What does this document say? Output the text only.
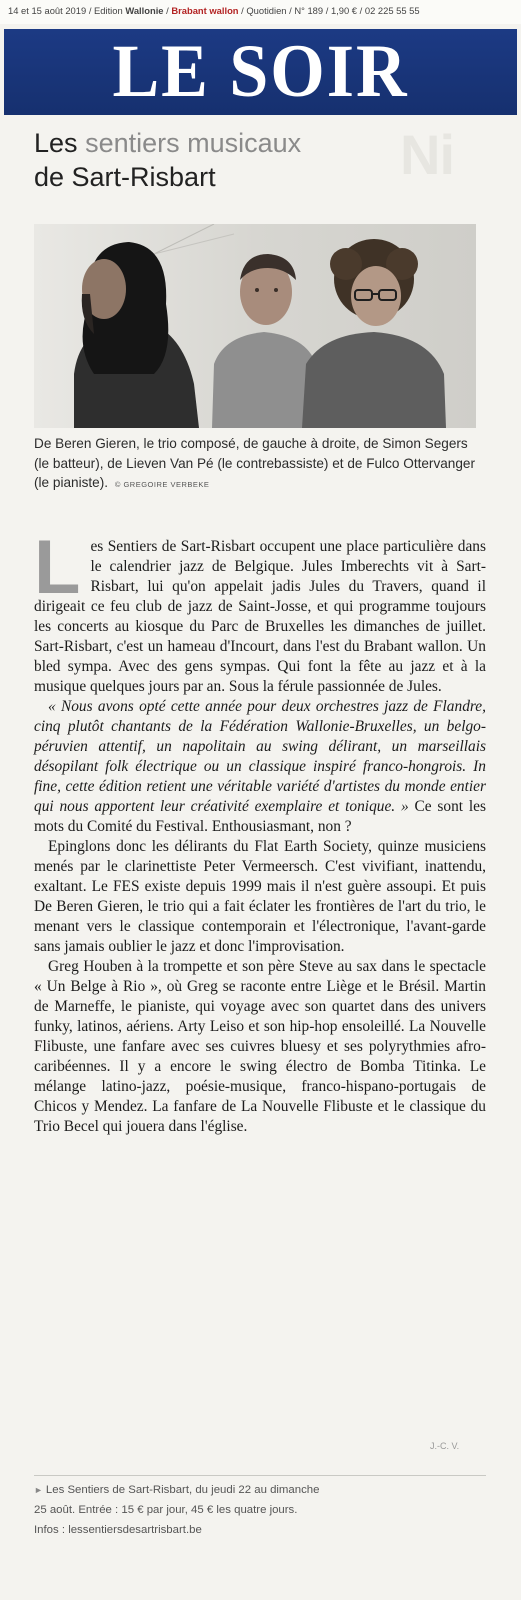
14 et 15 août 2019 / Edition Wallonie / Brabant wallon / Quotidien / N° 189 / 1,90 € / 02 225 55 55
LE SOIR
Ni
Les sentiers musicaux
de Sart-Risbart
De Beren Gieren, le trio composé, de gauche à droite, de Simon Segers (le batteur), de Lieven Van Pé (le contrebassiste) et de Fulco Ottervanger (le pianiste). © GREGOIRE VERBEKE

Les Sentiers de Sart-Risbart occupent une place particulière dans le calendrier jazz de Belgique. Jules Imberechts vit à Sart-Risbart, lui qu'on appelait jadis Jules du Travers, quand il dirigeait ce feu club de jazz de Saint-Josse, et qui programme toujours les concerts au kiosque du Parc de Bruxelles les dimanches de juillet. Sart-Risbart, c'est un hameau d'Incourt, dans l'est du Brabant wallon. Un bled sympa. Avec des gens sympas. Qui font la fête au jazz et à la musique quelques jours par an. Sous la férule passionnée de Jules.

« Nous avons opté cette année pour deux orchestres jazz de Flandre, cinq plutôt chantants de la Fédération Wallonie-Bruxelles, un belgo-péruvien attentif, un napolitain au swing délirant, un marseillais désopilant folk électrique ou un classique inspiré franco-hongrois. In fine, cette édition retient une véritable variété d'artistes du monde entier qui nous apportent leur créativité exemplaire et tonique. » Ce sont les mots du Comité du Festival. Enthousiasmant, non ?

Epinglons donc les délirants du Flat Earth Society, quinze musiciens menés par le clarinettiste Peter Vermeersch. C'est vivifiant, inattendu, exaltant. Le FES existe depuis 1999 mais il n'est guère assoupi. Et puis De Beren Gieren, le trio qui a fait éclater les frontières de l'art du trio, le menant vers le classique contemporain et l'électronique, l'avant-garde sans jamais oublier le jazz et donc l'improvisation.

Greg Houben à la trompette et son père Steve au sax dans le spectacle « Un Belge à Rio », où Greg se raconte entre Liège et le Brésil. Martin de Marneffe, le pianiste, qui voyage avec son quartet dans des univers funky, latinos, aériens. Arty Leiso et son hip-hop ensoleillé. La Nouvelle Flibuste, une fanfare avec ses cuivres bluesy et ses polyrythmies afro-caribéennes. Il y a encore le swing électro de Bomba Titinka. Le mélange latino-jazz, poésie-musique, franco-hispano-portugais de Chicos y Mendez. La fanfare de La Nouvelle Flibuste et le classique du Trio Becel qui jouera dans l'église.

J.-C. V.

► Les Sentiers de Sart-Risbart, du jeudi 22 au dimanche

25 août. Entrée : 15 € par jour, 45 € les quatre jours.

Infos : lessentiersdesartrisbart.be
